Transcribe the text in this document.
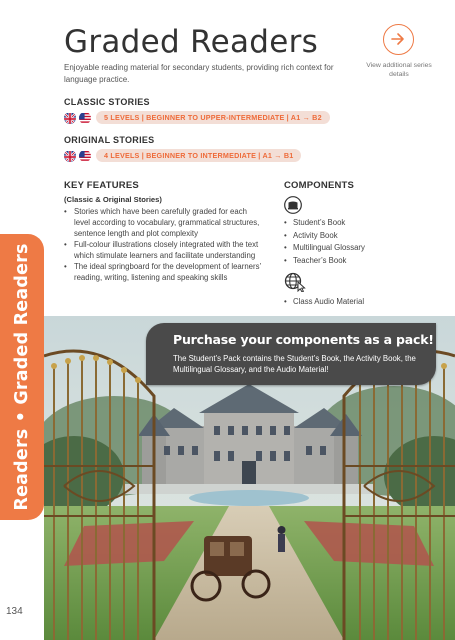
Readers • Graded Readers
134
Graded Readers

Enjoyable reading material for secondary students, providing rich context for language practice.

View additional series details
CLASSIC STORIES
5 LEVELS | BEGINNER TO UPPER-INTERMEDIATE | A1 → B2
ORIGINAL STORIES
4 LEVELS | BEGINNER TO INTERMEDIATE | A1 → B1
KEY FEATURES
(Classic & Original Stories)
• Stories which have been carefully graded for each level according to vocabulary, grammatical structures, sentence length and plot complexity
• Full-colour illustrations closely integrated with the text which stimulate learners and facilitate understanding
• The ideal springboard for the development of learners’ reading, writing, listening and speaking skills
COMPONENTS
• Student’s Book
• Activity Book
• Multilingual Glossary
• Teacher’s Book
• Class Audio Material
Purchase your components as a pack!
The Student’s Pack contains the Student’s Book, the Activity Book, the Multilingual Glossary, and the Audio Material!
